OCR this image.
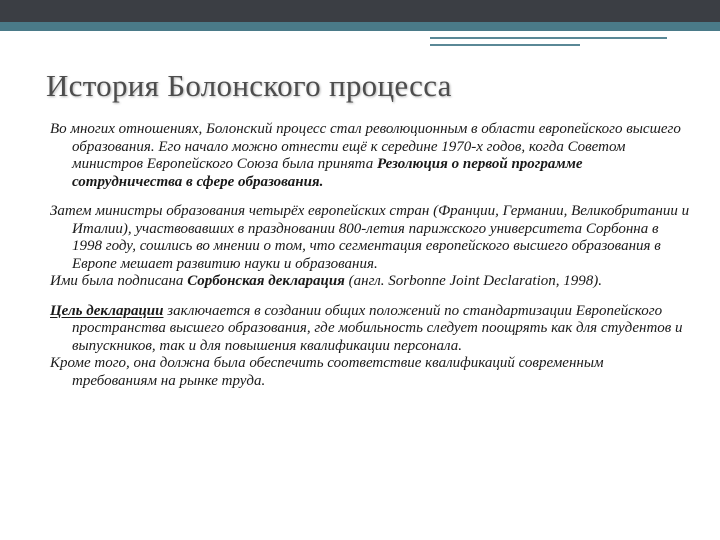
История Болонского процесса

Во многих отношениях, Болонский процесс стал революционным в области европейского высшего образования. Его начало можно отнести ещё к середине 1970-х годов, когда Советом министров Европейского Союза была принята Резолюция о первой программе сотрудничества в сфере образования.

Затем министры образования четырёх европейских стран (Франции, Германии, Великобритании и Италии), участвовавших в праздновании 800-летия парижского университета Сорбонна в 1998 году, сошлись во мнении о том, что сегментация европейского высшего образования в Европе мешает развитию науки и образования.

Ими была подписана Сорбонская декларация (англ. Sorbonne Joint Declaration, 1998).

Цель декларации заключается в создании общих положений по стандартизации Европейского пространства высшего образования, где мобильность следует поощрять как для студентов и выпускников, так и для повышения квалификации персонала.

Кроме того, она должна была обеспечить соответствие квалификаций современным требованиям на рынке труда.
